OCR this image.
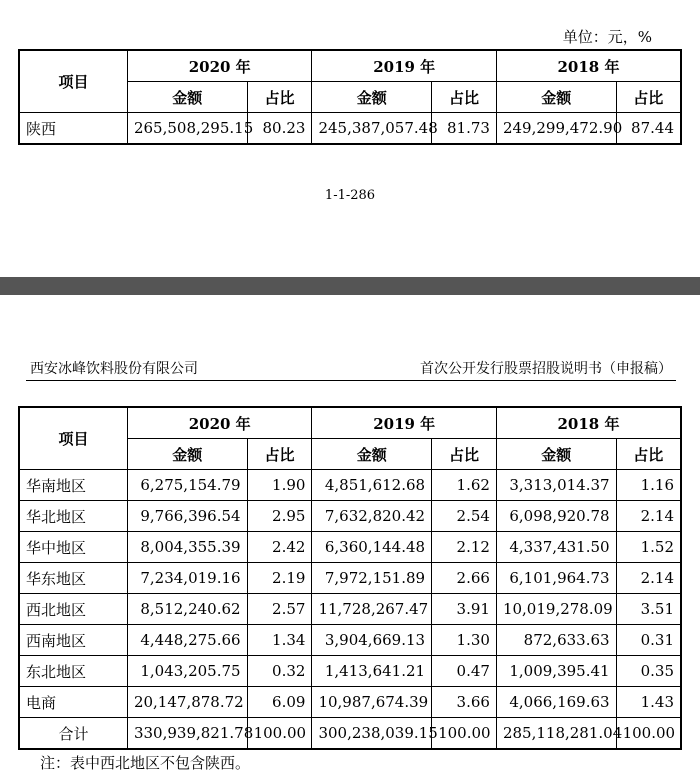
单位：元，%
项目	2020 年		2019 年		2018 年	
	金额	占比	金额	占比	金额	占比
陕西	265,508,295.15	80.23	245,387,057.48	81.73	249,299,472.90	87.44
1-1-286
西安冰峰饮料股份有限公司	首次公开发行股票招股说明书（申报稿）
项目	2020 年		2019 年		2018 年	
	金额	占比	金额	占比	金额	占比
华南地区	6,275,154.79	1.90	4,851,612.68	1.62	3,313,014.37	1.16
华北地区	9,766,396.54	2.95	7,632,820.42	2.54	6,098,920.78	2.14
华中地区	8,004,355.39	2.42	6,360,144.48	2.12	4,337,431.50	1.52
华东地区	7,234,019.16	2.19	7,972,151.89	2.66	6,101,964.73	2.14
西北地区	8,512,240.62	2.57	11,728,267.47	3.91	10,019,278.09	3.51
西南地区	4,448,275.66	1.34	3,904,669.13	1.30	872,633.63	0.31
东北地区	1,043,205.75	0.32	1,413,641.21	0.47	1,009,395.41	0.35
电商	20,147,878.72	6.09	10,987,674.39	3.66	4,066,169.63	1.43
合计	330,939,821.78	100.00	300,238,039.15	100.00	285,118,281.04	100.00
注：表中西北地区不包含陕西。
